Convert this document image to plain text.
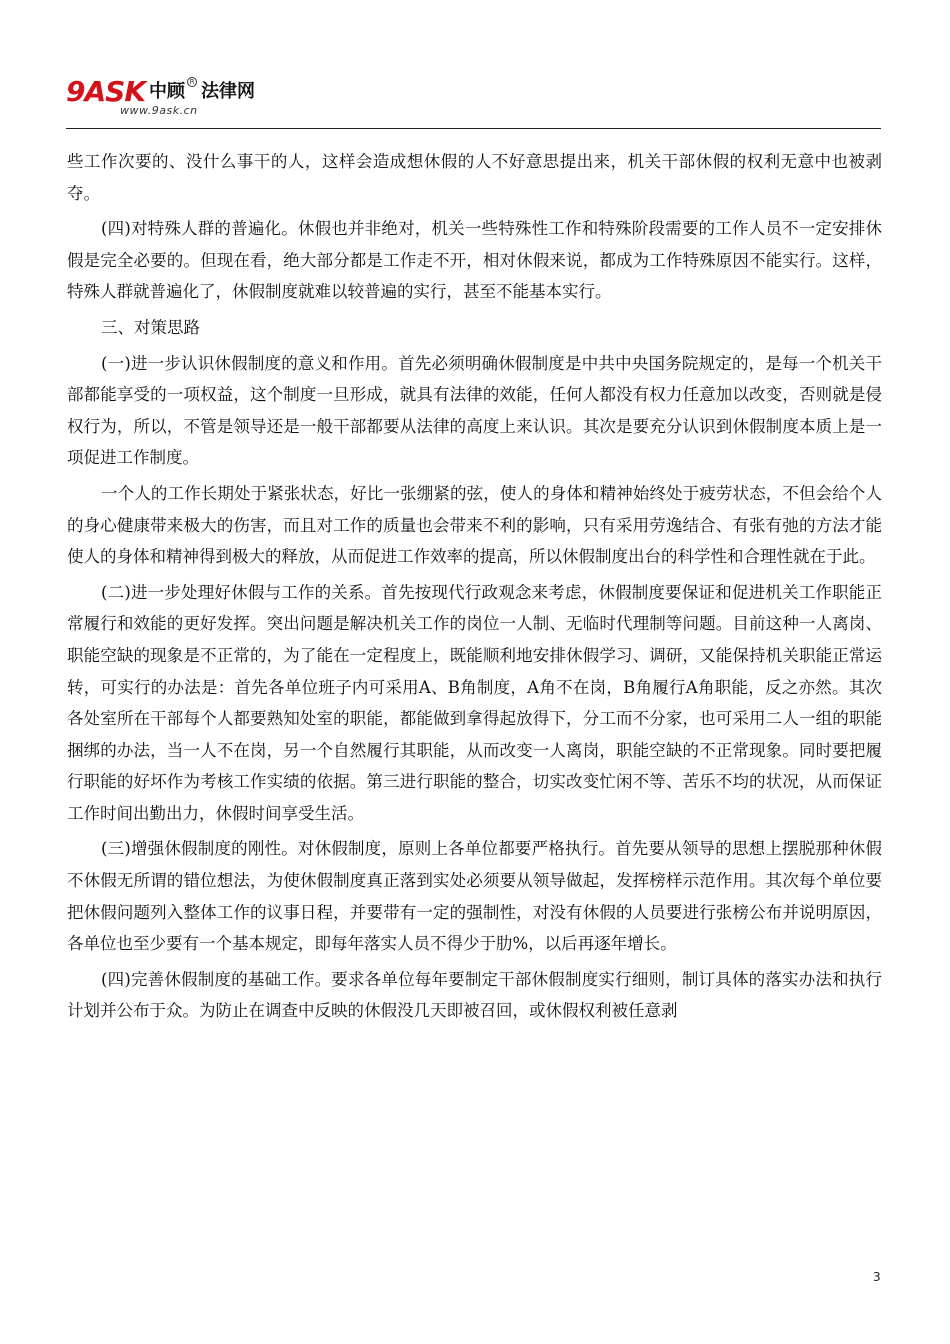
9ASK 中顾 R 法律网
www.9ask.cn

些工作次要的、没什么事干的人，这样会造成想休假的人不好意思提出来，机关干部休假的权利无意中也被剥夺。

(四)对特殊人群的普遍化。休假也并非绝对，机关一些特殊性工作和特殊阶段需要的工作人员不一定安排休假是完全必要的。但现在看，绝大部分都是工作走不开，相对休假来说，都成为工作特殊原因不能实行。这样，特殊人群就普遍化了，休假制度就难以较普遍的实行，甚至不能基本实行。

三、对策思路

(一)进一步认识休假制度的意义和作用。首先必须明确休假制度是中共中央国务院规定的，是每一个机关干部都能享受的一项权益，这个制度一旦形成，就具有法律的效能，任何人都没有权力任意加以改变，否则就是侵权行为，所以，不管是领导还是一般干部都要从法律的高度上来认识。其次是要充分认识到休假制度本质上是一项促进工作制度。

一个人的工作长期处于紧张状态，好比一张绷紧的弦，使人的身体和精神始终处于疲劳状态，不但会给个人的身心健康带来极大的伤害，而且对工作的质量也会带来不利的影响，只有采用劳逸结合、有张有弛的方法才能使人的身体和精神得到极大的释放，从而促进工作效率的提高，所以休假制度出台的科学性和合理性就在于此。

(二)进一步处理好休假与工作的关系。首先按现代行政观念来考虑，休假制度要保证和促进机关工作职能正常履行和效能的更好发挥。突出问题是解决机关工作的岗位一人制、无临时代理制等问题。目前这种一人离岗、职能空缺的现象是不正常的，为了能在一定程度上，既能顺利地安排休假学习、调研，又能保持机关职能正常运转，可实行的办法是：首先各单位班子内可采用A、B角制度，A角不在岗，B角履行A角职能，反之亦然。其次各处室所在干部每个人都要熟知处室的职能，都能做到拿得起放得下，分工而不分家，也可采用二人一组的职能捆绑的办法，当一人不在岗，另一个自然履行其职能，从而改变一人离岗，职能空缺的不正常现象。同时要把履行职能的好坏作为考核工作实绩的依据。第三进行职能的整合，切实改变忙闲不等、苦乐不均的状况，从而保证工作时间出勤出力，休假时间享受生活。

(三)增强休假制度的刚性。对休假制度，原则上各单位都要严格执行。首先要从领导的思想上摆脱那种休假不休假无所谓的错位想法，为使休假制度真正落到实处必须要从领导做起，发挥榜样示范作用。其次每个单位要把休假问题列入整体工作的议事日程，并要带有一定的强制性，对没有休假的人员要进行张榜公布并说明原因，各单位也至少要有一个基本规定，即每年落实人员不得少于肋%，以后再逐年增长。

(四)完善休假制度的基础工作。要求各单位每年要制定干部休假制度实行细则，制订具体的落实办法和执行计划并公布于众。为防止在调查中反映的休假没几天即被召回，或休假权利被任意剥

3
